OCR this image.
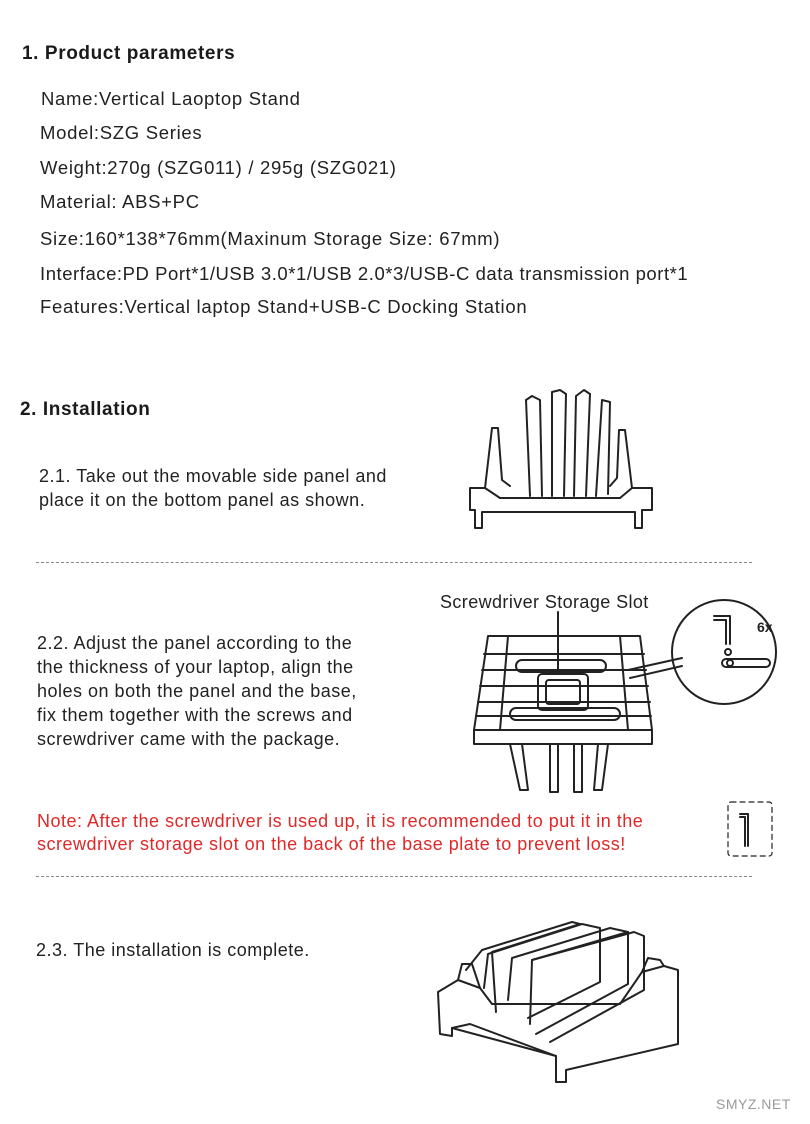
1. Product parameters
Name:Vertical Laoptop Stand
Model:SZG Series
Weight:270g (SZG011) / 295g (SZG021)
Material: ABS+PC
Size:160*138*76mm(Maxinum Storage Size: 67mm)
Interface:PD Port*1/USB 3.0*1/USB 2.0*3/USB-C data transmission port*1
Features:Vertical laptop Stand+USB-C Docking Station
2. Installation
2.1. Take out the movable side panel and
place it on the bottom panel as shown.
Screwdriver Storage Slot
2.2. Adjust the panel according to the
the thickness of your laptop, align the
holes on both the panel and the base,
fix them together with the screws and
screwdriver came with the package.
6x
Note: After the screwdriver is used up, it is recommended to put it in the
screwdriver storage slot on the back of the base plate to prevent loss!
2.3. The installation is complete.
SMYZ.NET
